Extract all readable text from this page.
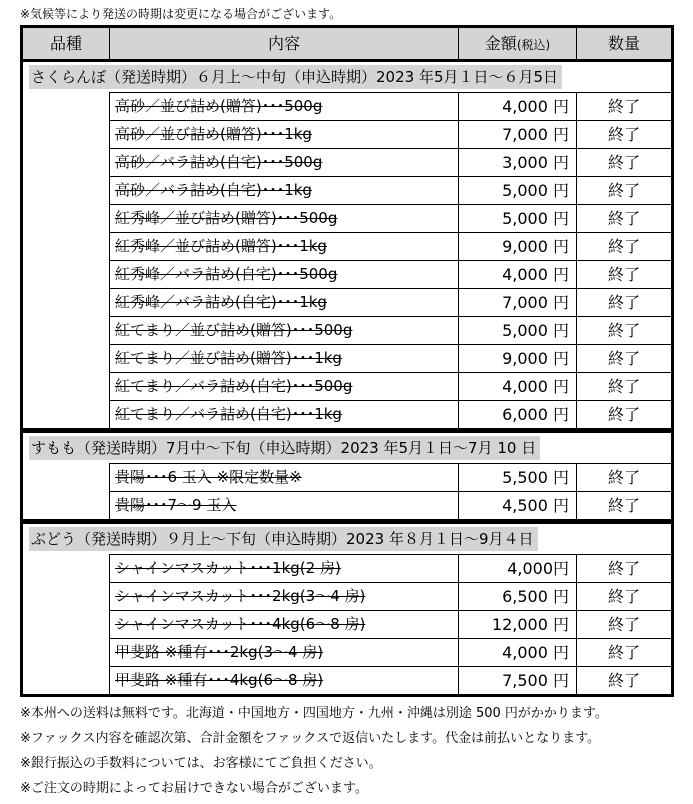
※気候等により発送の時期は変更になる場合がございます。
品種	内容	金額(税込)	数量
さくらんぼ（発送時期）６月上～中旬（申込時期）2023 年5月１日～６月5日
高砂／並び詰め(贈答)･･･500g	4,000 円	終了
高砂／並び詰め(贈答)･･･1kg	7,000 円	終了
高砂／バラ詰め(自宅)･･･500g	3,000 円	終了
高砂／バラ詰め(自宅)･･･1kg	5,000 円	終了
紅秀峰／並び詰め(贈答)･･･500g	5,000 円	終了
紅秀峰／並び詰め(贈答)･･･1kg	9,000 円	終了
紅秀峰／バラ詰め(自宅)･･･500g	4,000 円	終了
紅秀峰／バラ詰め(自宅)･･･1kg	7,000 円	終了
紅てまり／並び詰め(贈答)･･･500g	5,000 円	終了
紅てまり／並び詰め(贈答)･･･1kg	9,000 円	終了
紅てまり／バラ詰め(自宅)･･･500g	4,000 円	終了
紅てまり／バラ詰め(自宅)･･･1kg	6,000 円	終了
すもも（発送時期）7月中～下旬（申込時期）2023 年5月１日～7月 10 日
貴陽･･･6 玉入 ※限定数量※	5,500 円	終了
貴陽･･･7～9 玉入	4,500 円	終了
ぶどう（発送時期）９月上～下旬（申込時期）2023 年８月１日～9月４日
シャインマスカット･･･1kg(2 房)	4,000円	終了
シャインマスカット･･･2kg(3～4 房)	6,500 円	終了
シャインマスカット･･･4kg(6～8 房)	12,000 円	終了
甲斐路 ※種有･･･2kg(3～4 房)	4,000 円	終了
甲斐路 ※種有･･･4kg(6～8 房)	7,500 円	終了
※本州への送料は無料です。北海道・中国地方・四国地方・九州・沖縄は別途 500 円がかかります。
※ファックス内容を確認次第、合計金額をファックスで返信いたします。代金は前払いとなります。
※銀行振込の手数料については、お客様にてご負担ください。
※ご注文の時期によってお届けできない場合がございます。
